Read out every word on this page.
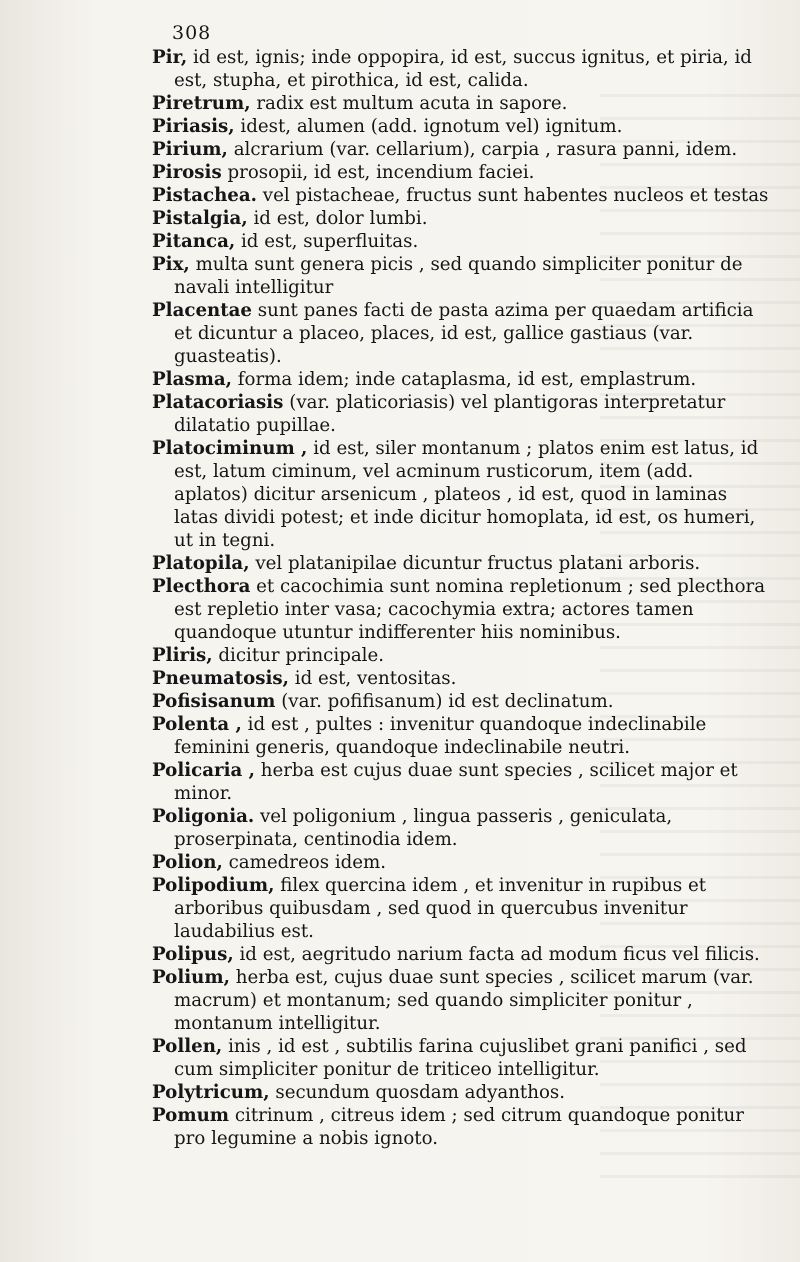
308

Pir, id est, ignis; inde oppopira, id est, succus ignitus, et piria, id est, stupha, et pirothica, id est, calida.

Piretrum, radix est multum acuta in sapore.

Piriasis, idest, alumen (add. ignotum vel) ignitum.

Pirium, alcrarium (var. cellarium), carpia , rasura panni, idem.

Pirosis prosopii, id est, incendium faciei.

Pistachea. vel pistacheae, fructus sunt habentes nucleos et testas

Pistalgia, id est, dolor lumbi.

Pitanca, id est, superfluitas.

Pix, multa sunt genera picis , sed quando simpliciter ponitur de navali intelligitur

Placentae sunt panes facti de pasta azima per quaedam artificia et dicuntur a placeo, places, id est, gallice gastiaus (var. guasteatis).

Plasma, forma idem; inde cataplasma, id est, emplastrum.

Platacoriasis (var. platicoriasis) vel plantigoras interpretatur dilatatio pupillae.

Platociminum , id est, siler montanum ; platos enim est latus, id est, latum ciminum, vel acminum rusticorum, item (add. aplatos) dicitur arsenicum , plateos , id est, quod in laminas latas dividi potest; et inde dicitur homoplata, id est, os humeri, ut in tegni.

Platopila, vel platanipilae dicuntur fructus platani arboris.

Plecthora et cacochimia sunt nomina repletionum ; sed plecthora est repletio inter vasa; cacochymia extra; actores tamen quandoque utuntur indifferenter hiis nominibus.

Pliris, dicitur principale.

Pneumatosis, id est, ventositas.

Pofisisanum (var. pofifisanum) id est declinatum.

Polenta , id est , pultes : invenitur quandoque indeclinabile feminini generis, quandoque indeclinabile neutri.

Policaria , herba est cujus duae sunt species , scilicet major et minor.

Poligonia. vel poligonium , lingua passeris , geniculata, proserpinata, centinodia idem.

Polion, camedreos idem.

Polipodium, filex quercina idem , et invenitur in rupibus et arboribus quibusdam , sed quod in quercubus invenitur laudabilius est.

Polipus, id est, aegritudo narium facta ad modum ficus vel filicis.

Polium, herba est, cujus duae sunt species , scilicet marum (var. macrum) et montanum; sed quando simpliciter ponitur , montanum intelligitur.

Pollen, inis , id est , subtilis farina cujuslibet grani panifici , sed cum simpliciter ponitur de triticeo intelligitur.

Polytricum, secundum quosdam adyanthos.

Pomum citrinum , citreus idem ; sed citrum quandoque ponitur pro legumine a nobis ignoto.
